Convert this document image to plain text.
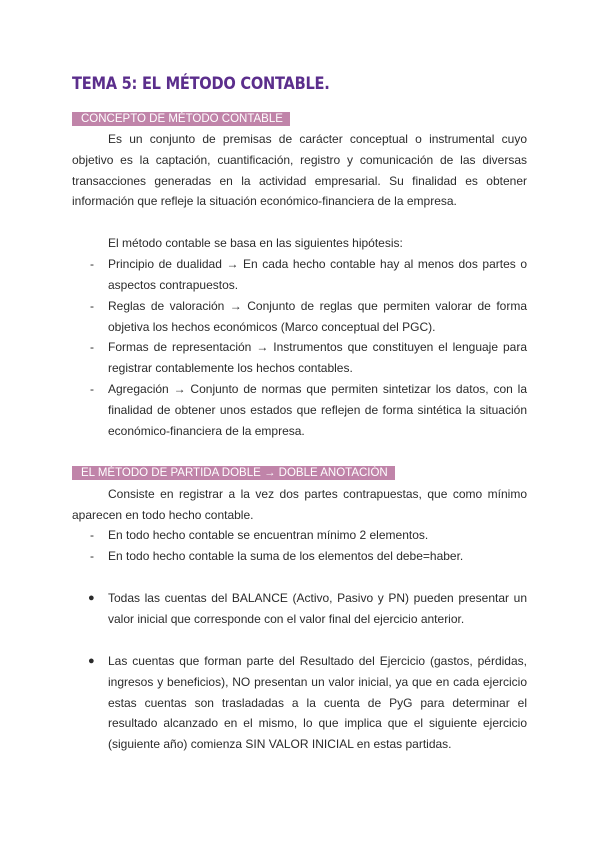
TEMA 5: EL MÉTODO CONTABLE.
CONCEPTO DE MÉTODO CONTABLE

Es un conjunto de premisas de carácter conceptual o instrumental cuyo objetivo es la captación, cuantificación, registro y comunicación de las diversas transacciones generadas en la actividad empresarial. Su finalidad es obtener información que refleje la situación económico-financiera de la empresa.

El método contable se basa en las siguientes hipótesis:

-	Principio de dualidad → En cada hecho contable hay al menos dos partes o aspectos contrapuestos.
-	Reglas de valoración → Conjunto de reglas que permiten valorar de forma objetiva los hechos económicos (Marco conceptual del PGC).
-	Formas de representación → Instrumentos que constituyen el lenguaje para registrar contablemente los hechos contables.
-	Agregación → Conjunto de normas que permiten sintetizar los datos, con la finalidad de obtener unos estados que reflejen de forma sintética la situación económico-financiera de la empresa.
EL MÉTODO DE PARTIDA DOBLE → DOBLE ANOTACIÓN

Consiste en registrar a la vez dos partes contrapuestas, que como mínimo aparecen en todo hecho contable.

-	En todo hecho contable se encuentran mínimo 2 elementos.
-	En todo hecho contable la suma de los elementos del debe=haber.
●	Todas las cuentas del BALANCE (Activo, Pasivo y PN) pueden presentar un valor inicial que corresponde con el valor final del ejercicio anterior.
●	Las cuentas que forman parte del Resultado del Ejercicio (gastos, pérdidas, ingresos y beneficios), NO presentan un valor inicial, ya que en cada ejercicio estas cuentas son trasladadas a la cuenta de PyG para determinar el resultado alcanzado en el mismo, lo que implica que el siguiente ejercicio (siguiente año) comienza SIN VALOR INICIAL en estas partidas.
